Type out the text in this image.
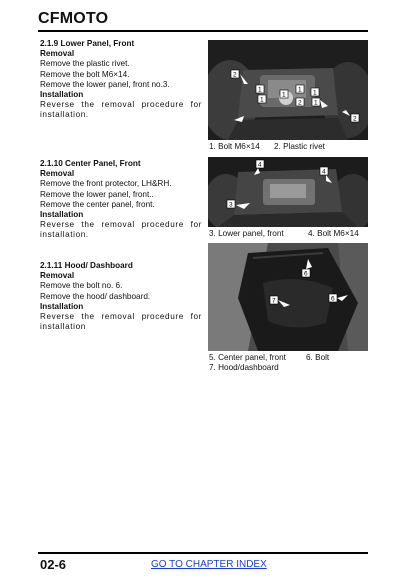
CFMOTO
2.1.9 Lower Panel, Front
Removal
Remove the plastic rivet.
Remove the bolt M6×14.
Remove the lower panel, front no.3.
Installation
Reverse the removal procedure for installation.
2.1.10 Center Panel, Front
Removal
Remove the front protector, LH&RH.
Remove the lower panel, front..
Remove the center panel, front.
Installation
Reverse the removal procedure for installation.
2.1.11 Hood/ Dashboard
Removal
Remove the bolt no. 6.
Remove the hood/ dashboard.
Installation
Reverse the removal procedure for installation
2
1
1
1
1 1
2 1
2
1. Bolt M6×14 2. Plastic rivet
4
4
3
3. Lower panel, front	4. Bolt M6×14
6
6
7
5. Center panel, front 6. Bolt
7. Hood/dashboard
02-6	GO TO CHAPTER INDEX
